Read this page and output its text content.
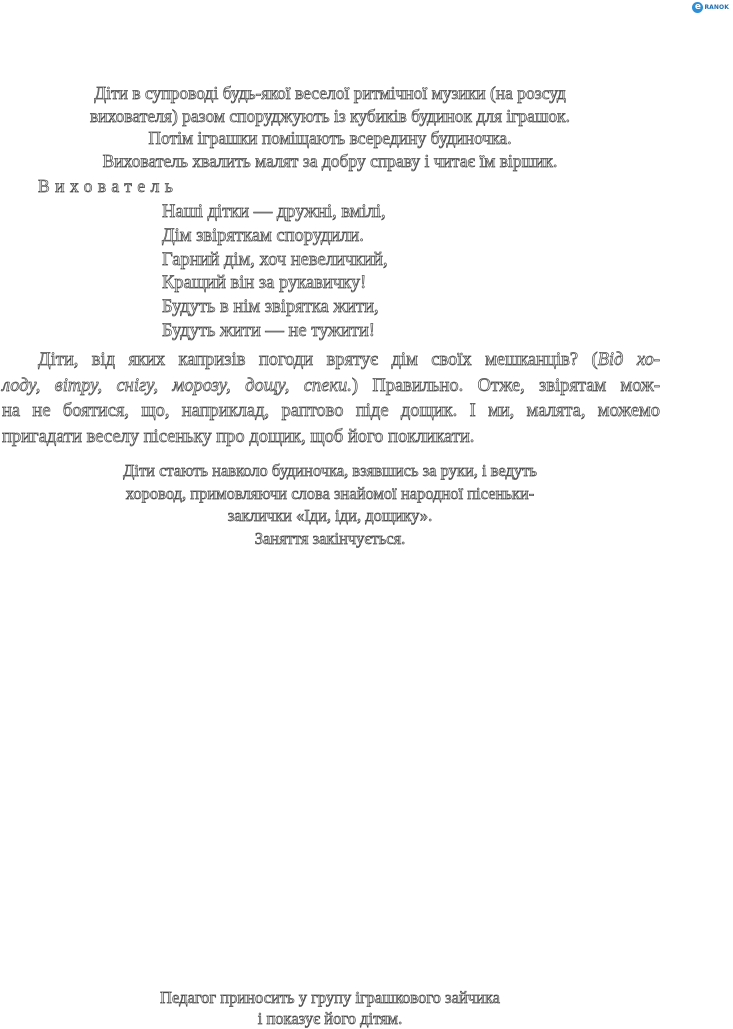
e RANOK
Діти в супроводі будь-якої веселої ритмічної музики (на розсуд
вихователя) разом споруджують із кубиків будинок для іграшок.
Потім іграшки поміщають всередину будиночка.
Вихователь хвалить малят за добру справу і читає їм віршик.
Вихователь
Наші дітки — дружні, вмілі,
Дім звіряткам спорудили.
Гарний дім, хоч невеличкий,
Кращий він за рукавичку!
Будуть в нім звірятка жити,
Будуть жити — не тужити!
Діти, від яких капризів погоди врятує дім своїх мешканців? (Від хо-
лоду, вітру, снігу, морозу, дощу, спеки.) Правильно. Отже, звірятам мож-
на не боятися, що, наприклад, раптово піде дощик. І ми, малята, можемо
пригадати веселу пісеньку про дощик, щоб його покликати.
Діти стають навколо будиночка, взявшись за руки, і ведуть
хоровод, примовляючи слова знайомої народної пісеньки-
заклички «Іди, іди, дощику».
Заняття закінчується.
Педагог приносить у групу іграшкового зайчика
і показує його дітям.
